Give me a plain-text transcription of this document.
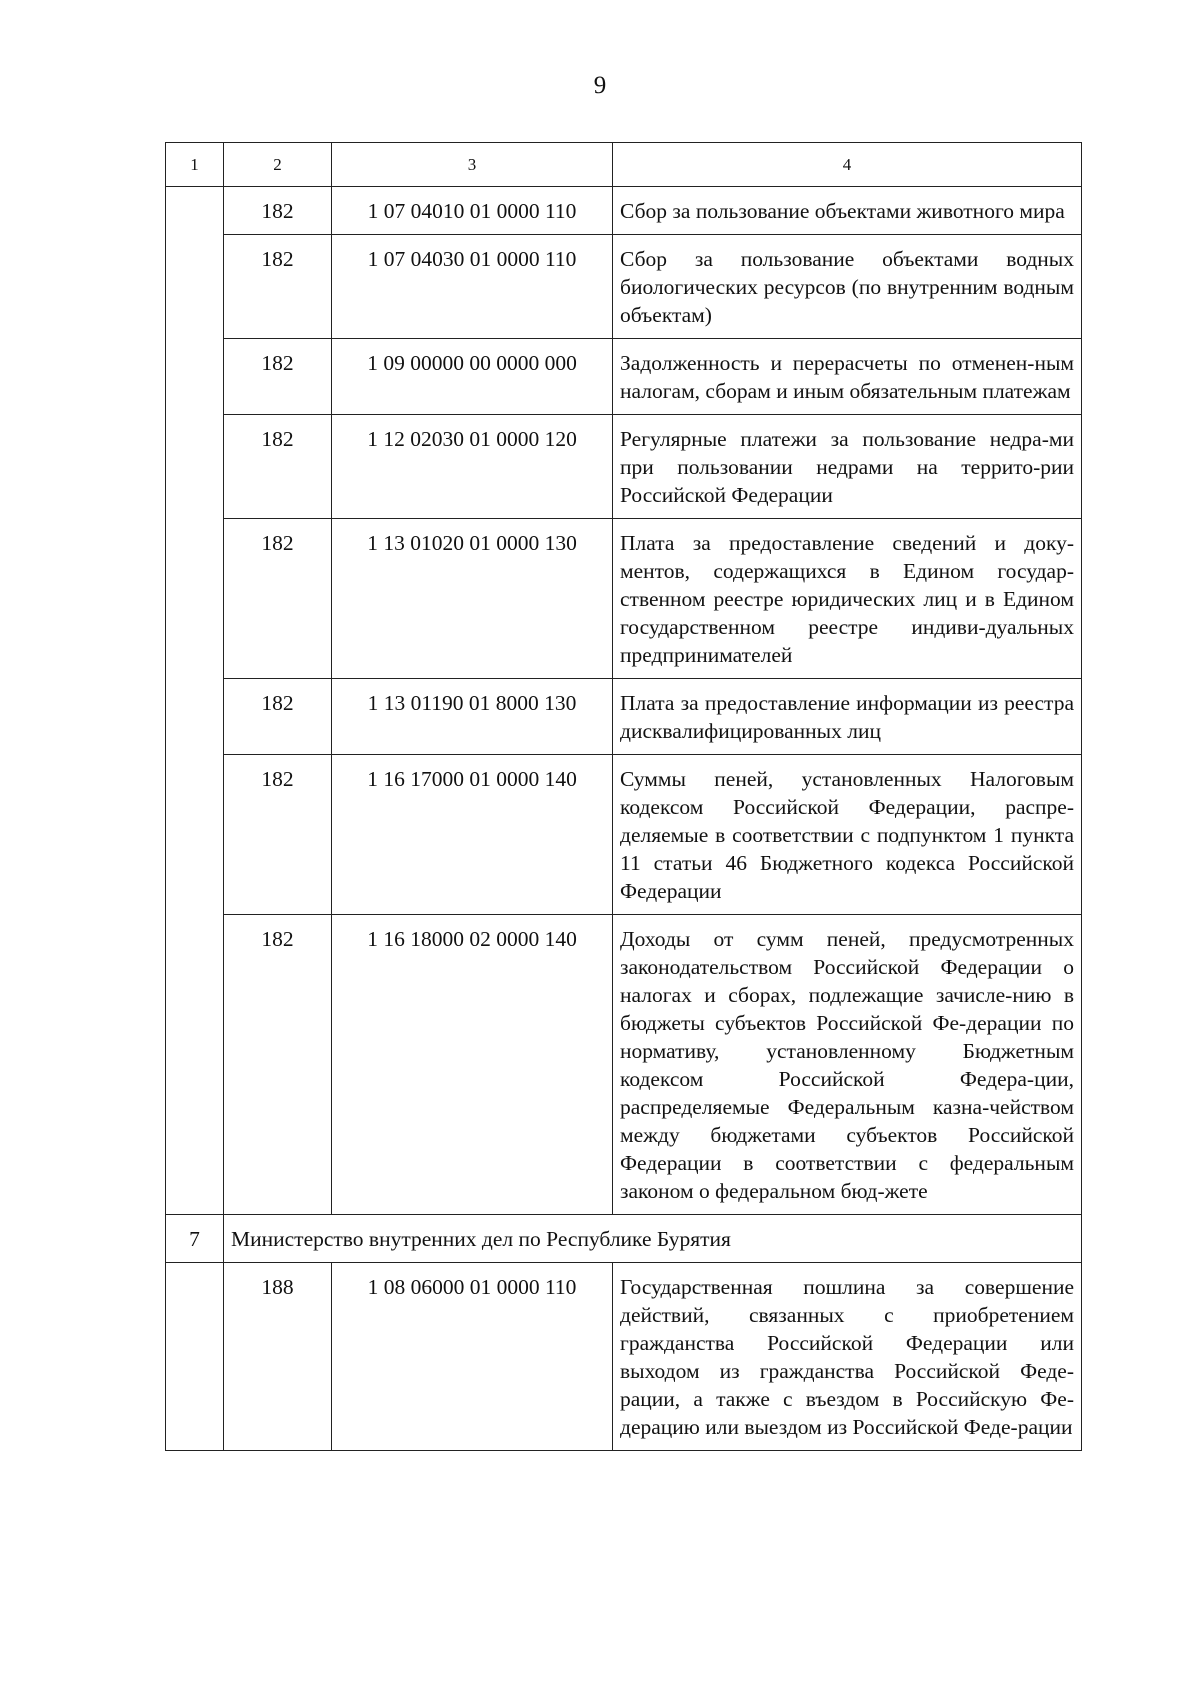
9
1	2	3	4
	182	1 07 04010 01 0000 110	Сбор за пользование объектами животного мира
	182	1 07 04030 01 0000 110	Сбор за пользование объектами водных биологических ресурсов (по внутренним водным объектам)
	182	1 09 00000 00 0000 000	Задолженность и перерасчеты по отменен-ным налогам, сборам и иным обязательным платежам
	182	1 12 02030 01 0000 120	Регулярные платежи за пользование недра-ми при пользовании недрами на террито-рии Российской Федерации
	182	1 13 01020 01 0000 130	Плата за предоставление сведений и доку-ментов, содержащихся в Едином государ-ственном реестре юридических лиц и в Едином государственном реестре индиви-дуальных предпринимателей
	182	1 13 01190 01 8000 130	Плата за предоставление информации из реестра дисквалифицированных лиц
	182	1 16 17000 01 0000 140	Суммы пеней, установленных Налоговым кодексом Российской Федерации, распре-деляемые в соответствии с подпунктом 1 пункта 11 статьи 46 Бюджетного кодекса Российской Федерации
	182	1 16 18000 02 0000 140	Доходы от сумм пеней, предусмотренных законодательством Российской Федерации о налогах и сборах, подлежащие зачисле-нию в бюджеты субъектов Российской Фе-дерации по нормативу, установленному Бюджетным кодексом Российской Федера-ции, распределяемые Федеральным казна-чейством между бюджетами субъектов Российской Федерации в соответствии с федеральным законом о федеральном бюд-жете
7	Министерство внутренних дел по Республике Бурятия		
	188	1 08 06000 01 0000 110	Государственная пошлина за совершение действий, связанных с приобретением гражданства Российской Федерации или выходом из гражданства Российской Феде-рации, а также с въездом в Российскую Фе-дерацию или выездом из Российской Феде-рации
